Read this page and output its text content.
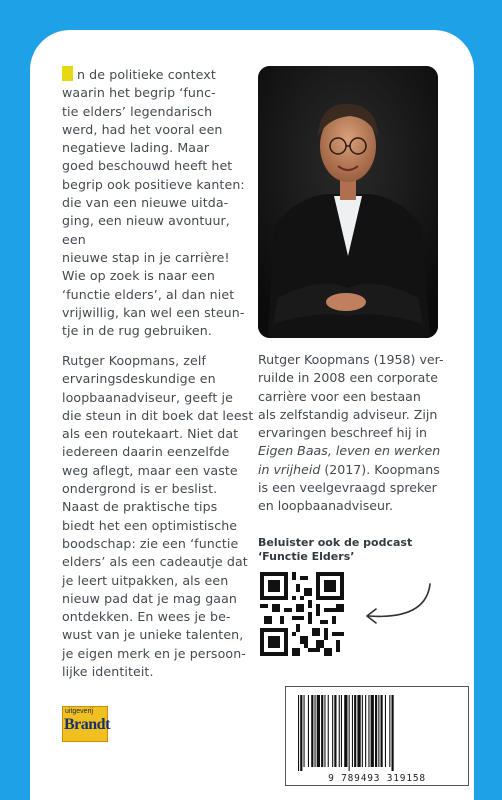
n de politieke context
waarin het begrip ‘func-
tie elders’ legendarisch
werd, had het vooral een
negatieve lading. Maar
goed beschouwd heeft het
begrip ook positieve kanten:
die van een nieuwe uitda-
ging, een nieuw avontuur, een
nieuwe stap in je carrière!
Wie op zoek is naar een
‘functie elders’, al dan niet
vrijwillig, kan wel een steun-
tje in de rug gebruiken.
Rutger Koopmans, zelf
ervaringsdeskundige en
loopbaanadviseur, geeft je
die steun in dit boek dat leest
als een routekaart. Niet dat
iedereen daarin eenzelfde
weg aflegt, maar een vaste
ondergrond is er beslist.
Naast de praktische tips
biedt het een optimistische
boodschap: zie een ‘functie
elders’ als een cadeautje dat
je leert uitpakken, als een
nieuw pad dat je mag gaan
ontdekken. En wees je be-
wust van je unieke talenten,
je eigen merk en je persoon-
lijke identiteit.
Rutger Koopmans (1958) ver-
ruilde in 2008 een corporate
carrière voor een bestaan
als zelfstandig adviseur. Zijn
ervaringen beschreef hij in
Eigen Baas, leven en werken
in vrijheid (2017). Koopmans
is een veelgevraagd spreker
en loopbaanadviseur.
Beluister ook de podcast
‘Functie Elders’
uitgeverij
Brandt
9 789493 319158
